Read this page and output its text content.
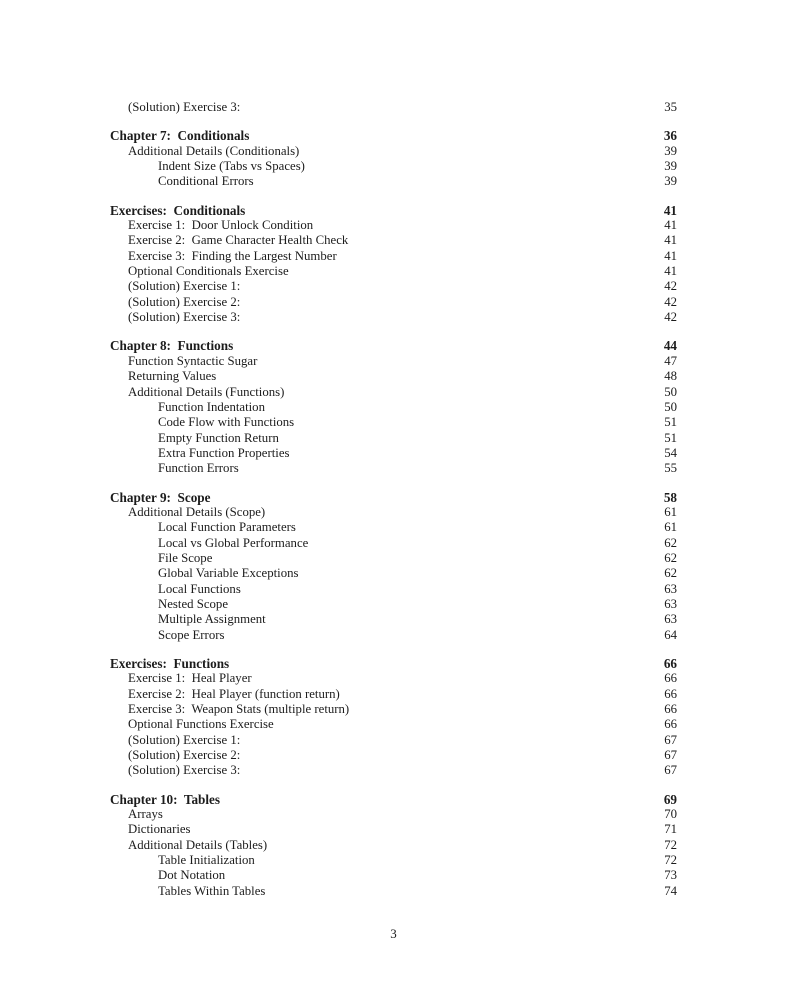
(Solution) Exercise 3:	35
Chapter 7:  Conditionals	36
Additional Details (Conditionals)	39
Indent Size (Tabs vs Spaces)	39
Conditional Errors	39
Exercises:  Conditionals	41
Exercise 1:  Door Unlock Condition	41
Exercise 2:  Game Character Health Check	41
Exercise 3:  Finding the Largest Number	41
Optional Conditionals Exercise	41
(Solution) Exercise 1:	42
(Solution) Exercise 2:	42
(Solution) Exercise 3:	42
Chapter 8:  Functions	44
Function Syntactic Sugar	47
Returning Values	48
Additional Details (Functions)	50
Function Indentation	50
Code Flow with Functions	51
Empty Function Return	51
Extra Function Properties	54
Function Errors	55
Chapter 9:  Scope	58
Additional Details (Scope)	61
Local Function Parameters	61
Local vs Global Performance	62
File Scope	62
Global Variable Exceptions	62
Local Functions	63
Nested Scope	63
Multiple Assignment	63
Scope Errors	64
Exercises:  Functions	66
Exercise 1:  Heal Player	66
Exercise 2:  Heal Player (function return)	66
Exercise 3:  Weapon Stats (multiple return)	66
Optional Functions Exercise	66
(Solution) Exercise 1:	67
(Solution) Exercise 2:	67
(Solution) Exercise 3:	67
Chapter 10:  Tables	69
Arrays	70
Dictionaries	71
Additional Details (Tables)	72
Table Initialization	72
Dot Notation	73
Tables Within Tables	74
3
